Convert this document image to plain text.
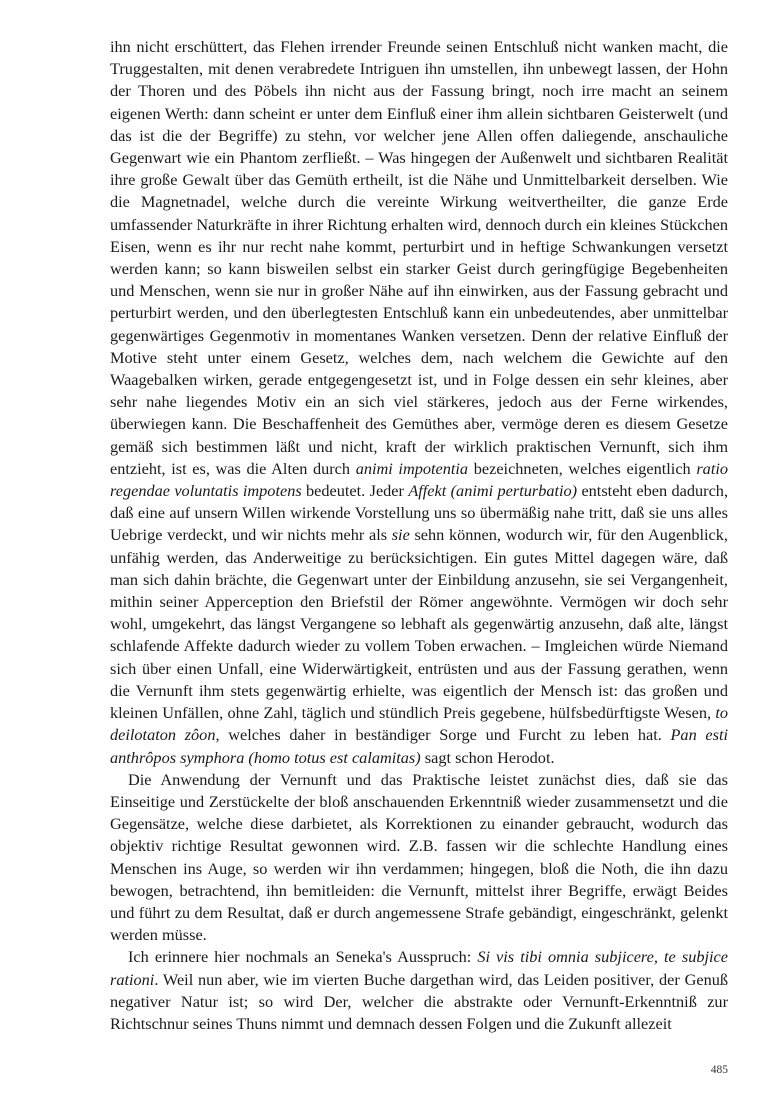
ihn nicht erschüttert, das Flehen irrender Freunde seinen Entschluß nicht wanken macht, die Truggestalten, mit denen verabredete Intriguen ihn umstellen, ihn unbewegt lassen, der Hohn der Thoren und des Pöbels ihn nicht aus der Fassung bringt, noch irre macht an seinem eigenen Werth: dann scheint er unter dem Einfluß einer ihm allein sichtbaren Geisterwelt (und das ist die der Begriffe) zu stehn, vor welcher jene Allen offen daliegende, anschauliche Gegenwart wie ein Phantom zerfließt. – Was hingegen der Außenwelt und sichtbaren Realität ihre große Gewalt über das Gemüth ertheilt, ist die Nähe und Unmittelbarkeit derselben. Wie die Magnetnadel, welche durch die vereinte Wirkung weitvertheilter, die ganze Erde umfassender Naturkräfte in ihrer Richtung erhalten wird, dennoch durch ein kleines Stückchen Eisen, wenn es ihr nur recht nahe kommt, perturbirt und in heftige Schwankungen versetzt werden kann; so kann bisweilen selbst ein starker Geist durch geringfügige Begebenheiten und Menschen, wenn sie nur in großer Nähe auf ihn einwirken, aus der Fassung gebracht und perturbirt werden, und den überlegtesten Entschluß kann ein unbedeutendes, aber unmittelbar gegenwärtiges Gegenmotiv in momentanes Wanken versetzen. Denn der relative Einfluß der Motive steht unter einem Gesetz, welches dem, nach welchem die Gewichte auf den Waagebalken wirken, gerade entgegengesetzt ist, und in Folge dessen ein sehr kleines, aber sehr nahe liegendes Motiv ein an sich viel stärkeres, jedoch aus der Ferne wirkendes, überwiegen kann. Die Beschaffenheit des Gemüthes aber, vermöge deren es diesem Gesetze gemäß sich bestimmen läßt und nicht, kraft der wirklich praktischen Vernunft, sich ihm entzieht, ist es, was die Alten durch animi impotentia bezeichneten, welches eigentlich ratio regendae voluntatis impotens bedeutet. Jeder Affekt (animi perturbatio) entsteht eben dadurch, daß eine auf unsern Willen wirkende Vorstellung uns so übermäßig nahe tritt, daß sie uns alles Uebrige verdeckt, und wir nichts mehr als sie sehn können, wodurch wir, für den Augenblick, unfähig werden, das Anderweitige zu berücksichtigen. Ein gutes Mittel dagegen wäre, daß man sich dahin brächte, die Gegenwart unter der Einbildung anzusehn, sie sei Vergangenheit, mithin seiner Apperception den Briefstil der Römer angewöhnte. Vermögen wir doch sehr wohl, umgekehrt, das längst Vergangene so lebhaft als gegenwärtig anzusehn, daß alte, längst schlafende Affekte dadurch wieder zu vollem Toben erwachen. – Imgleichen würde Niemand sich über einen Unfall, eine Widerwärtigkeit, entrüsten und aus der Fassung gerathen, wenn die Vernunft ihm stets gegenwärtig erhielte, was eigentlich der Mensch ist: das großen und kleinen Unfällen, ohne Zahl, täglich und stündlich Preis gegebene, hülfsbedürftigste Wesen, to deilotaton zôon, welches daher in beständiger Sorge und Furcht zu leben hat. Pan esti anthrôpos symphora (homo totus est calamitas) sagt schon Herodot.

Die Anwendung der Vernunft und das Praktische leistet zunächst dies, daß sie das Einseitige und Zerstückelte der bloß anschauenden Erkenntniß wieder zusammensetzt und die Gegensätze, welche diese darbietet, als Korrektionen zu einander gebraucht, wodurch das objektiv richtige Resultat gewonnen wird. Z.B. fassen wir die schlechte Handlung eines Menschen ins Auge, so werden wir ihn verdammen; hingegen, bloß die Noth, die ihn dazu bewogen, betrachtend, ihn bemitleiden: die Vernunft, mittelst ihrer Begriffe, erwägt Beides und führt zu dem Resultat, daß er durch angemessene Strafe gebändigt, eingeschränkt, gelenkt werden müsse.

Ich erinnere hier nochmals an Seneka's Ausspruch: Si vis tibi omnia subjicere, te subjice rationi. Weil nun aber, wie im vierten Buche dargethan wird, das Leiden positiver, der Genuß negativer Natur ist; so wird Der, welcher die abstrakte oder Vernunft-Erkenntniß zur Richtschnur seines Thuns nimmt und demnach dessen Folgen und die Zukunft allezeit

485
